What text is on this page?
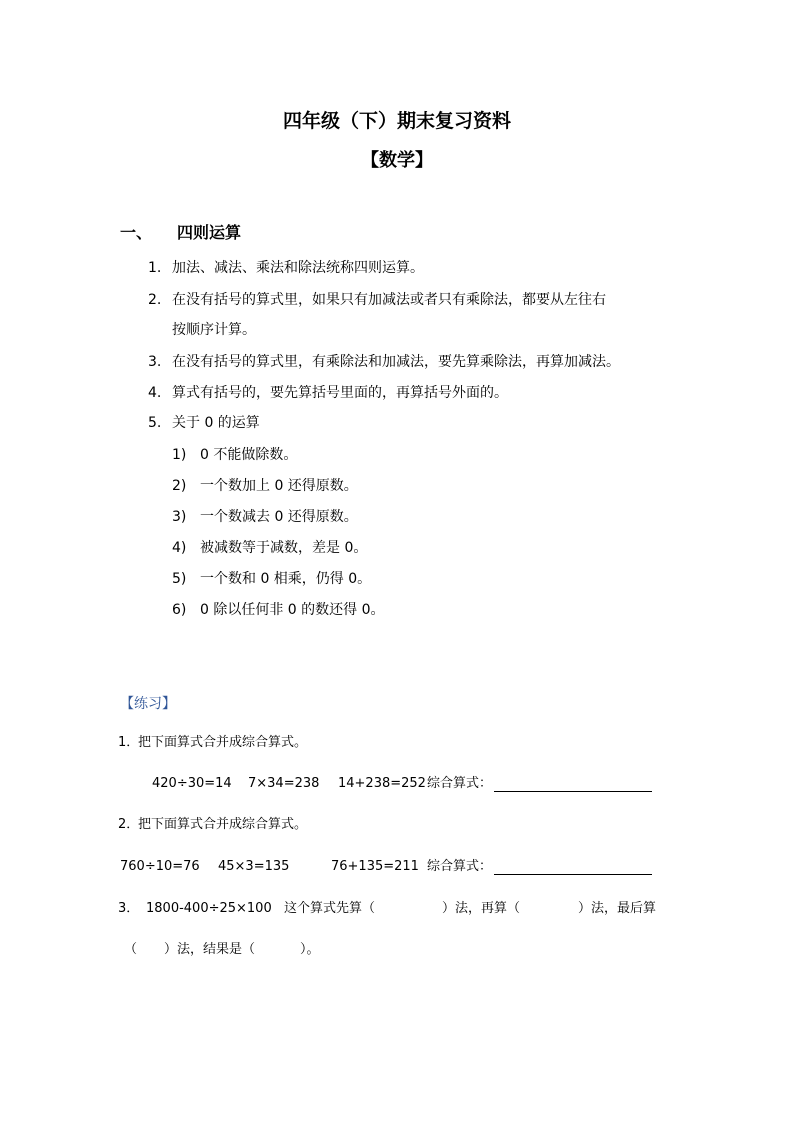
四年级（下）期末复习资料
【数学】
一、 四则运算
1. 加法、减法、乘法和除法统称四则运算。
2. 在没有括号的算式里，如果只有加减法或者只有乘除法，都要从左往右
按顺序计算。
3. 在没有括号的算式里，有乘除法和加减法，要先算乘除法，再算加减法。
4. 算式有括号的，要先算括号里面的，再算括号外面的。
5. 关于 0 的运算
1) 0 不能做除数。
2) 一个数加上 0 还得原数。
3) 一个数减去 0 还得原数。
4) 被减数等于减数，差是 0。
5) 一个数和 0 相乘，仍得 0。
6) 0 除以任何非 0 的数还得 0。
【练习】
1．
把下面算式合并成综合算式。
420÷30=14 7×34=238 14+238=252 综合算式：
2．
把下面算式合并成综合算式。
760÷10=76 45×3=135	76+135=211 综合算式：
3． 1800-400÷25×100 这个算式先算（	）法，再算（	）法，最后算
（ ）法，结果是（	）。
